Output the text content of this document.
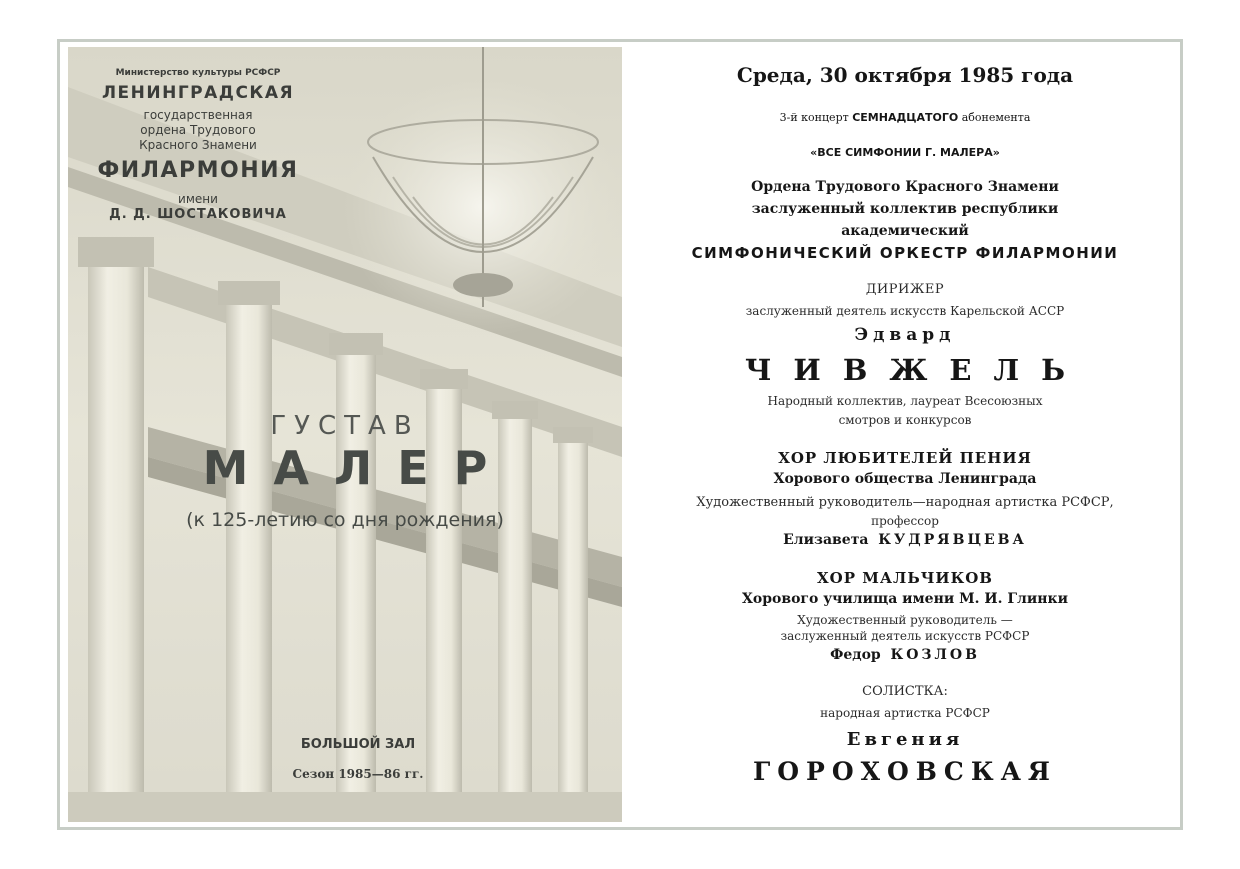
Министерство культуры РСФСР
ЛЕНИНГРАДСКАЯ
государственная
ордена Трудового
Красного Знамени
ФИЛАРМОНИЯ
имени
Д. Д. ШОСТАКОВИЧА
ГУСТАВ
МАЛЕР
(к 125-летию со дня рождения)
БОЛЬШОЙ ЗАЛ
Сезон 1985—86 гг.
Среда, 30 октября 1985 года
3-й концерт СЕМНАДЦАТОГО абонемента
«ВСЕ СИМФОНИИ Г. МАЛЕРА»
Ордена Трудового Красного Знамени
заслуженный коллектив республики
академический
СИМФОНИЧЕСКИЙ ОРКЕСТР ФИЛАРМОНИИ
ДИРИЖЕР
заслуженный деятель искусств Карельской АССР
Эдвард
ЧИВЖЕЛЬ
Народный коллектив, лауреат Всесоюзных
смотров и конкурсов
ХОР ЛЮБИТЕЛЕЙ ПЕНИЯ
Хорового общества Ленинграда
Художественный руководитель—народная артистка РСФСР,
профессор
Елизавета КУДРЯВЦЕВА
ХОР МАЛЬЧИКОВ
Хорового училища имени М. И. Глинки
Художественный руководитель —
заслуженный деятель искусств РСФСР
Федор КОЗЛОВ
СОЛИСТКА:
народная артистка РСФСР
Евгения
ГОРОХОВСКАЯ
